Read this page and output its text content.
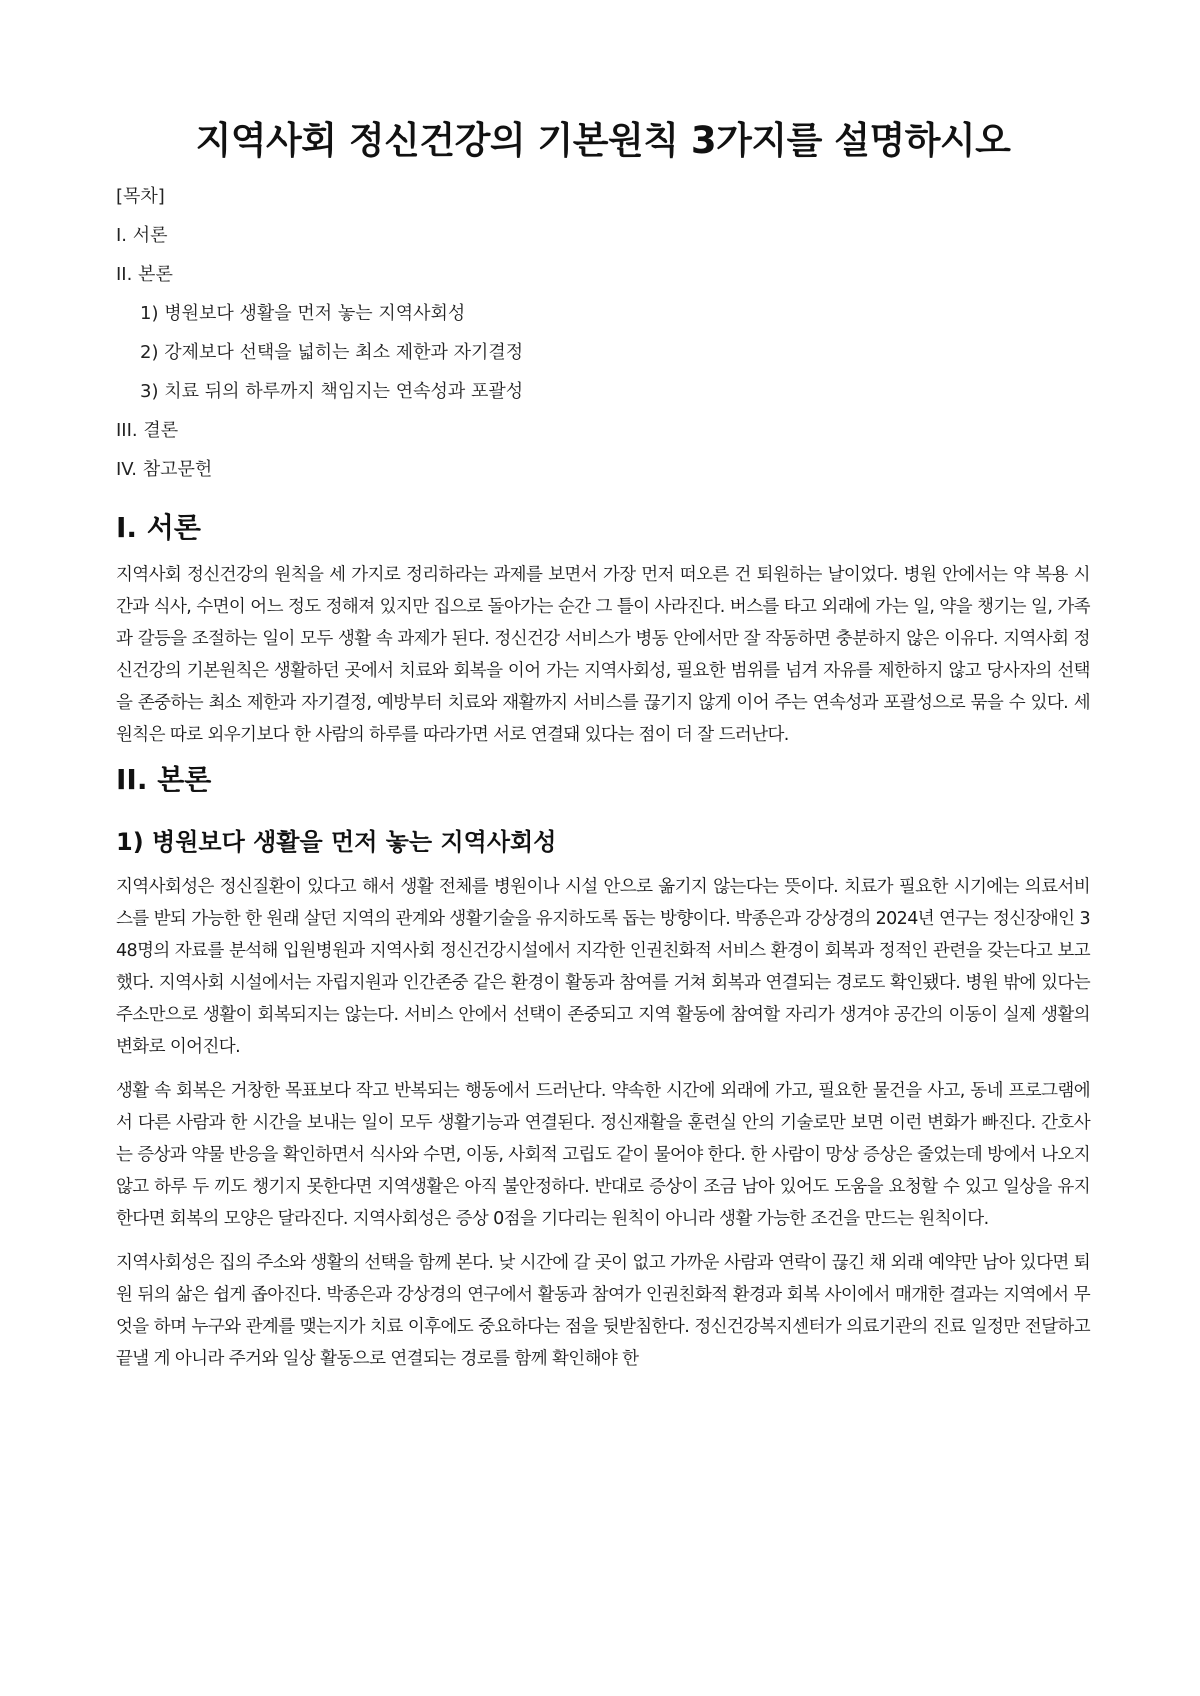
지역사회 정신건강의 기본원칙 3가지를 설명하시오
[목차]
I. 서론
II. 본론
1) 병원보다 생활을 먼저 놓는 지역사회성
2) 강제보다 선택을 넓히는 최소 제한과 자기결정
3) 치료 뒤의 하루까지 책임지는 연속성과 포괄성
III. 결론
IV. 참고문헌
I. 서론

지역사회 정신건강의 원칙을 세 가지로 정리하라는 과제를 보면서 가장 먼저 떠오른 건 퇴원하는 날이었다. 병원 안에서는 약 복용 시간과 식사, 수면이 어느 정도 정해져 있지만 집으로 돌아가는 순간 그 틀이 사라진다. 버스를 타고 외래에 가는 일, 약을 챙기는 일, 가족과 갈등을 조절하는 일이 모두 생활 속 과제가 된다. 정신건강 서비스가 병동 안에서만 잘 작동하면 충분하지 않은 이유다. 지역사회 정신건강의 기본원칙은 생활하던 곳에서 치료와 회복을 이어 가는 지역사회성, 필요한 범위를 넘겨 자유를 제한하지 않고 당사자의 선택을 존중하는 최소 제한과 자기결정, 예방부터 치료와 재활까지 서비스를 끊기지 않게 이어 주는 연속성과 포괄성으로 묶을 수 있다. 세 원칙은 따로 외우기보다 한 사람의 하루를 따라가면 서로 연결돼 있다는 점이 더 잘 드러난다.

II. 본론
1) 병원보다 생활을 먼저 놓는 지역사회성

지역사회성은 정신질환이 있다고 해서 생활 전체를 병원이나 시설 안으로 옮기지 않는다는 뜻이다. 치료가 필요한 시기에는 의료서비스를 받되 가능한 한 원래 살던 지역의 관계와 생활기술을 유지하도록 돕는 방향이다. 박종은과 강상경의 2024년 연구는 정신장애인 348명의 자료를 분석해 입원병원과 지역사회 정신건강시설에서 지각한 인권친화적 서비스 환경이 회복과 정적인 관련을 갖는다고 보고했다. 지역사회 시설에서는 자립지원과 인간존중 같은 환경이 활동과 참여를 거쳐 회복과 연결되는 경로도 확인됐다. 병원 밖에 있다는 주소만으로 생활이 회복되지는 않는다. 서비스 안에서 선택이 존중되고 지역 활동에 참여할 자리가 생겨야 공간의 이동이 실제 생활의 변화로 이어진다.

생활 속 회복은 거창한 목표보다 작고 반복되는 행동에서 드러난다. 약속한 시간에 외래에 가고, 필요한 물건을 사고, 동네 프로그램에서 다른 사람과 한 시간을 보내는 일이 모두 생활기능과 연결된다. 정신재활을 훈련실 안의 기술로만 보면 이런 변화가 빠진다. 간호사는 증상과 약물 반응을 확인하면서 식사와 수면, 이동, 사회적 고립도 같이 물어야 한다. 한 사람이 망상 증상은 줄었는데 방에서 나오지 않고 하루 두 끼도 챙기지 못한다면 지역생활은 아직 불안정하다. 반대로 증상이 조금 남아 있어도 도움을 요청할 수 있고 일상을 유지한다면 회복의 모양은 달라진다. 지역사회성은 증상 0점을 기다리는 원칙이 아니라 생활 가능한 조건을 만드는 원칙이다.

지역사회성은 집의 주소와 생활의 선택을 함께 본다. 낮 시간에 갈 곳이 없고 가까운 사람과 연락이 끊긴 채 외래 예약만 남아 있다면 퇴원 뒤의 삶은 쉽게 좁아진다. 박종은과 강상경의 연구에서 활동과 참여가 인권친화적 환경과 회복 사이에서 매개한 결과는 지역에서 무엇을 하며 누구와 관계를 맺는지가 치료 이후에도 중요하다는 점을 뒷받침한다. 정신건강복지센터가 의료기관의 진료 일정만 전달하고 끝낼 게 아니라 주거와 일상 활동으로 연결되는 경로를 함께 확인해야 한
